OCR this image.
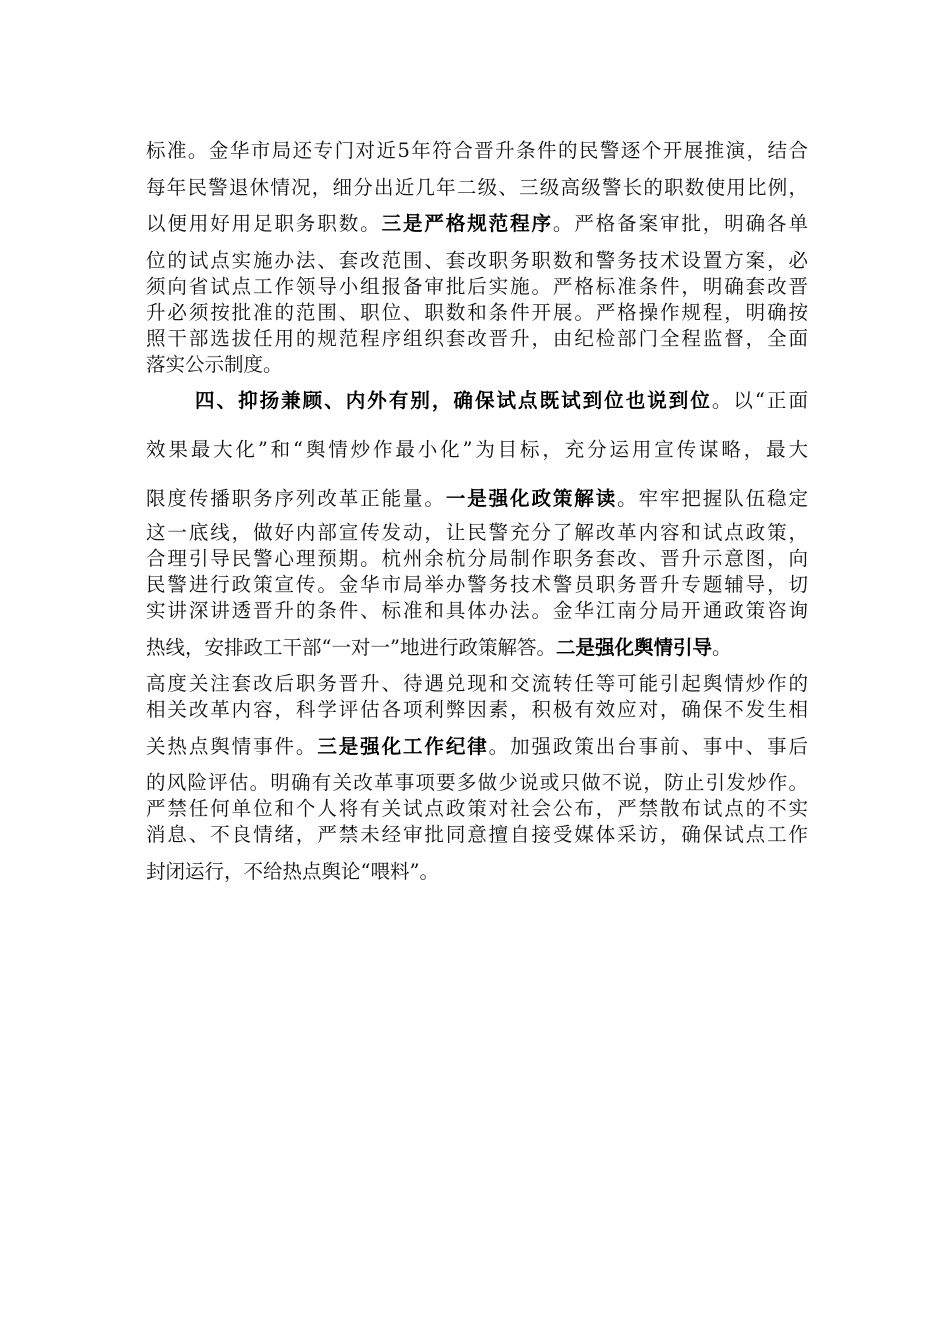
标准。金华市局还专门对近5年符合晋升条件的民警逐个开展推演，结合
每年民警退休情况，细分出近几年二级、三级高级警长的职数使用比例，
以便用好用足职务职数。三是严格规范程序。严格备案审批，明确各单
位的试点实施办法、套改范围、套改职务职数和警务技术设置方案，必
须向省试点工作领导小组报备审批后实施。严格标准条件，明确套改晋
升必须按批准的范围、职位、职数和条件开展。严格操作规程，明确按
照干部选拔任用的规范程序组织套改晋升，由纪检部门全程监督，全面
落实公示制度。
四、抑扬兼顾、内外有别，确保试点既试到位也说到位。以“正面
效果最大化”和“舆情炒作最小化”为目标，充分运用宣传谋略，最大
限度传播职务序列改革正能量。一是强化政策解读。牢牢把握队伍稳定
这一底线，做好内部宣传发动，让民警充分了解改革内容和试点政策，
合理引导民警心理预期。杭州余杭分局制作职务套改、晋升示意图，向
民警进行政策宣传。金华市局举办警务技术警员职务晋升专题辅导，切
实讲深讲透晋升的条件、标准和具体办法。金华江南分局开通政策咨询
热线，安排政工干部“一对一”地进行政策解答。二是强化舆情引导。
高度关注套改后职务晋升、待遇兑现和交流转任等可能引起舆情炒作的
相关改革内容，科学评估各项利弊因素，积极有效应对，确保不发生相
关热点舆情事件。三是强化工作纪律。加强政策出台事前、事中、事后
的风险评估。明确有关改革事项要多做少说或只做不说，防止引发炒作。
严禁任何单位和个人将有关试点政策对社会公布，严禁散布试点的不实
消息、不良情绪，严禁未经审批同意擅自接受媒体采访，确保试点工作
封闭运行，不给热点舆论“喂料”。
